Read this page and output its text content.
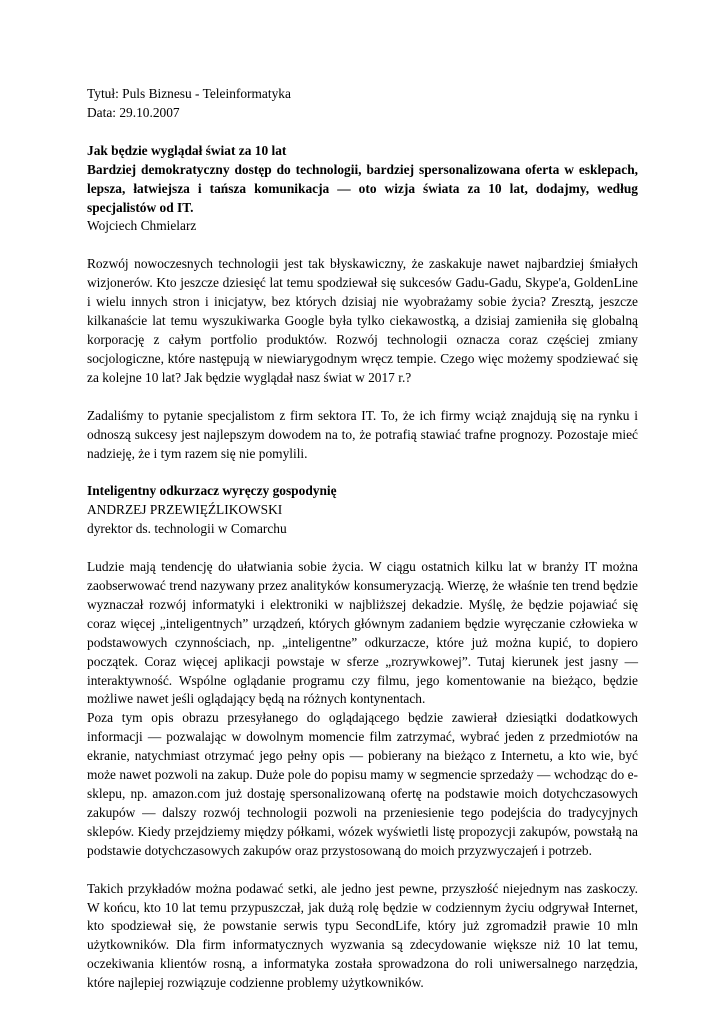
Tytuł: Puls Biznesu - Teleinformatyka

Data: 29.10.2007

Jak będzie wyglądał świat za 10 lat

Bardziej demokratyczny dostęp do technologii, bardziej spersonalizowana oferta w esklepach, lepsza, łatwiejsza i tańsza komunikacja — oto wizja świata za 10 lat, dodajmy, według specjalistów od IT.

Wojciech Chmielarz

Rozwój nowoczesnych technologii jest tak błyskawiczny, że zaskakuje nawet najbardziej śmiałych wizjonerów. Kto jeszcze dziesięć lat temu spodziewał się sukcesów Gadu-Gadu, Skype'a, GoldenLine i wielu innych stron i inicjatyw, bez których dzisiaj nie wyobrażamy sobie życia? Zresztą, jeszcze kilkanaście lat temu wyszukiwarka Google była tylko ciekawostką, a dzisiaj zamieniła się globalną korporację z całym portfolio produktów. Rozwój technologii oznacza coraz częściej zmiany socjologiczne, które następują w niewiarygodnym wręcz tempie. Czego więc możemy spodziewać się za kolejne 10 lat? Jak będzie wyglądał nasz świat w 2017 r.?

Zadaliśmy to pytanie specjalistom z firm sektora IT. To, że ich firmy wciąż znajdują się na rynku i odnoszą sukcesy jest najlepszym dowodem na to, że potrafią stawiać trafne prognozy. Pozostaje mieć nadzieję, że i tym razem się nie pomylili.

Inteligentny odkurzacz wyręczy gospodynię

ANDRZEJ PRZEWIĘŹLIKOWSKI

dyrektor ds. technologii w Comarchu

Ludzie mają tendencję do ułatwiania sobie życia. W ciągu ostatnich kilku lat w branży IT można zaobserwować trend nazywany przez analityków konsumeryzacją. Wierzę, że właśnie ten trend będzie wyznaczał rozwój informatyki i elektroniki w najbliższej dekadzie. Myślę, że będzie pojawiać się coraz więcej „inteligentnych” urządzeń, których głównym zadaniem będzie wyręczanie człowieka w podstawowych czynnościach, np. „inteligentne” odkurzacze, które już można kupić, to dopiero początek. Coraz więcej aplikacji powstaje w sferze „rozrywkowej”. Tutaj kierunek jest jasny — interaktywność. Wspólne oglądanie programu czy filmu, jego komentowanie na bieżąco, będzie możliwe nawet jeśli oglądający będą na różnych kontynentach.

Poza tym opis obrazu przesyłanego do oglądającego będzie zawierał dziesiątki dodatkowych informacji — pozwalając w dowolnym momencie film zatrzymać, wybrać jeden z przedmiotów na ekranie, natychmiast otrzymać jego pełny opis — pobierany na bieżąco z Internetu, a kto wie, być może nawet pozwoli na zakup. Duże pole do popisu mamy w segmencie sprzedaży — wchodząc do e-sklepu, np. amazon.com już dostaję spersonalizowaną ofertę na podstawie moich dotychczasowych zakupów — dalszy rozwój technologii pozwoli na przeniesienie tego podejścia do tradycyjnych sklepów. Kiedy przejdziemy między półkami, wózek wyświetli listę propozycji zakupów, powstałą na podstawie dotychczasowych zakupów oraz przystosowaną do moich przyzwyczajeń i potrzeb.

Takich przykładów można podawać setki, ale jedno jest pewne, przyszłość niejednym nas zaskoczy. W końcu, kto 10 lat temu przypuszczał, jak dużą rolę będzie w codziennym życiu odgrywał Internet, kto spodziewał się, że powstanie serwis typu SecondLife, który już zgromadził prawie 10 mln użytkowników. Dla firm informatycznych wyzwania są zdecydowanie większe niż 10 lat temu, oczekiwania klientów rosną, a informatyka została sprowadzona do roli uniwersalnego narzędzia, które najlepiej rozwiązuje codzienne problemy użytkowników.
